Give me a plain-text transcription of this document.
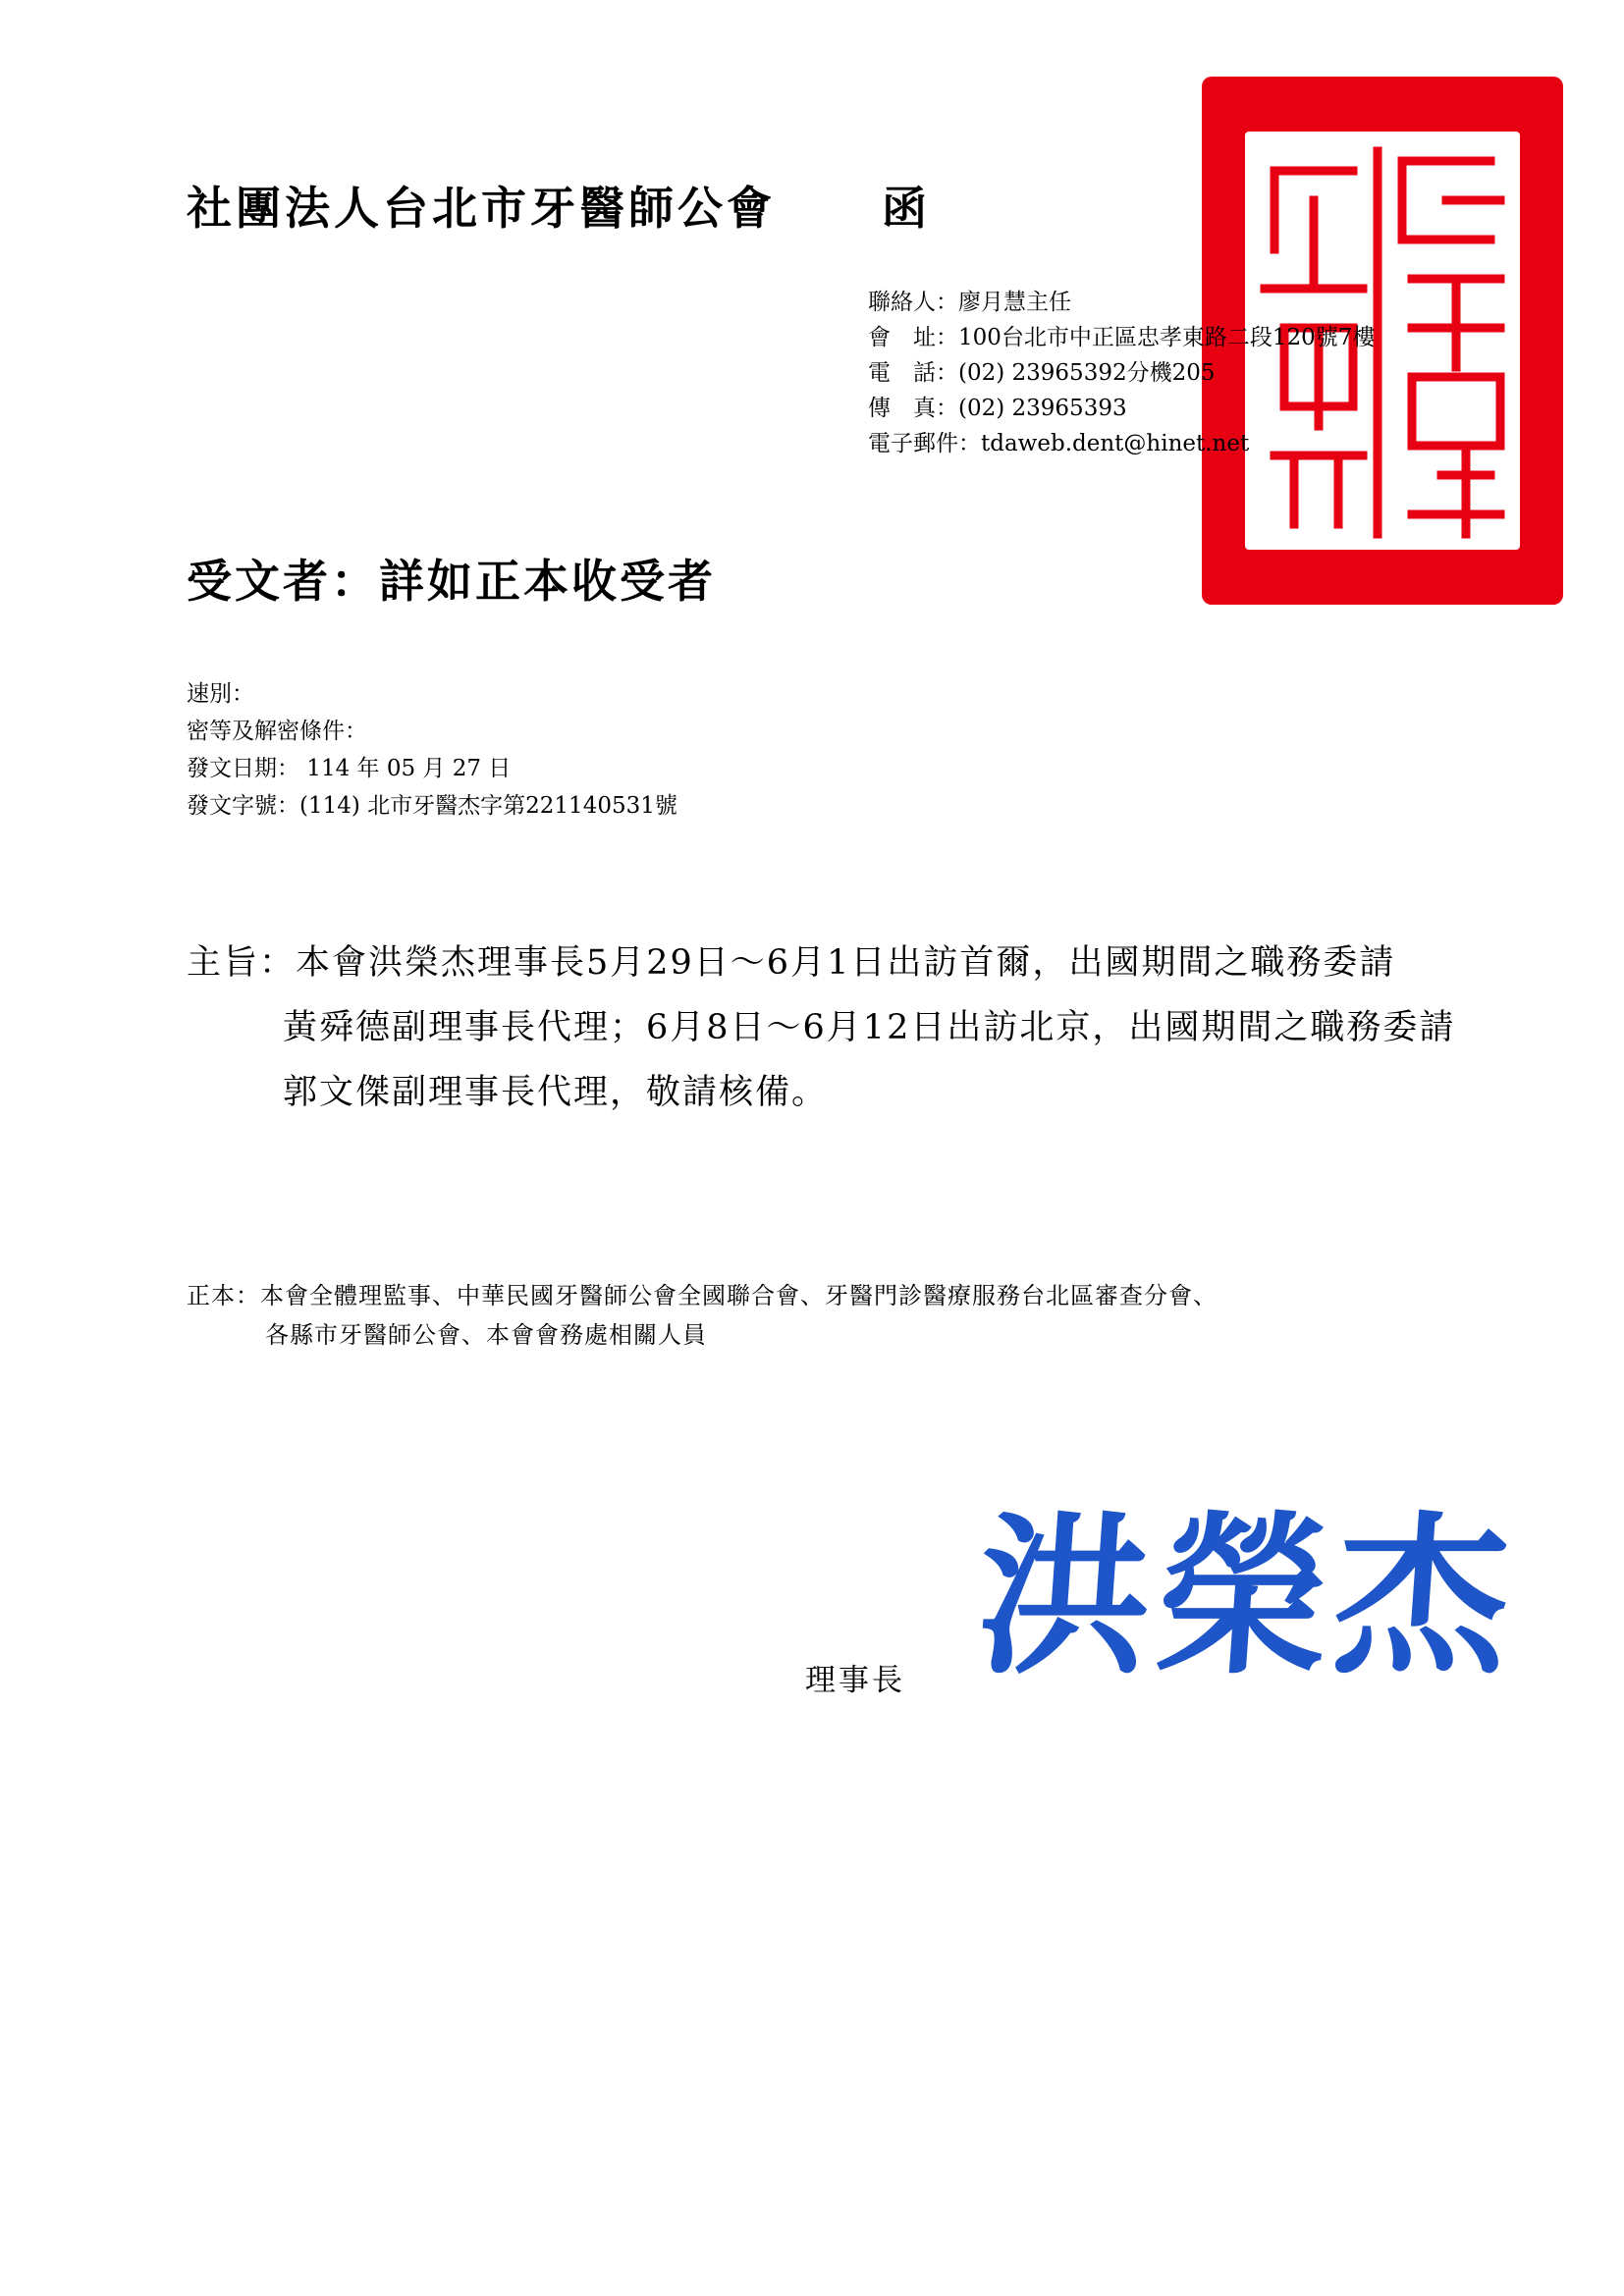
社團法人台北市牙醫師公會 函
聯絡人：廖月慧主任
會　址：100台北市中正區忠孝東路二段120號7樓
電　話：(02) 23965392分機205
傳　真：(02) 23965393
電子郵件：tdaweb.dent@hinet.net
受文者：詳如正本收受者
速別：
密等及解密條件：
發文日期： 114 年 05 月 27 日
發文字號：(114) 北市牙醫杰字第221140531號
主旨：本會洪榮杰理事長5月29日～6月1日出訪首爾，出國期間之職務委請
黃舜德副理事長代理；6月8日～6月12日出訪北京，出國期間之職務委請
郭文傑副理事長代理，敬請核備。
正本：本會全體理監事、中華民國牙醫師公會全國聯合會、牙醫門診醫療服務台北區審查分會、
各縣市牙醫師公會、本會會務處相關人員
理事長 洪榮杰
